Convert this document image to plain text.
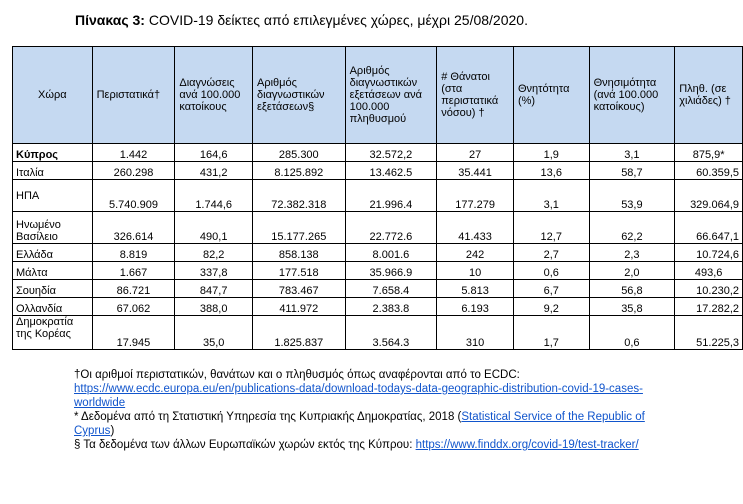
Πίνακας 3: COVID-19 δείκτες από επιλεγμένες χώρες, μέχρι 25/08/2020.
Χώρα	Περιστατικά†	Διαγνώσεις ανά 100.000 κατοίκους	Αριθμός διαγνωστικών εξετάσεων§	Αριθμός διαγνωστικών εξετάσεων ανά 100.000 πληθυσμού	# Θάνατοι (στα περιστατικά νόσου) †	Θνητότητα (%)	Θνησιμότητα (ανά 100.000 κατοίκους)	Πληθ. (σε χιλιάδες) †
Κύπρος	1.442	164,6	285.300	32.572,2	27	1,9	3,1	875,9*
Ιταλία	260.298	431,2	8.125.892	13.462.5	35.441	13,6	58,7	60.359,5
ΗΠΑ	5.740.909	1.744,6	72.382.318	21.996.4	177.279	3,1	53,9	329.064,9
Ηνωμένο Βασίλειο	326.614	490,1	15.177.265	22.772.6	41.433	12,7	62,2	66.647,1
Ελλάδα	8.819	82,2	858.138	8.001.6	242	2,7	2,3	10.724,6
Μάλτα	1.667	337,8	177.518	35.966.9	10	0,6	2,0	493,6
Σουηδία	86.721	847,7	783.467	7.658.4	5.813	6,7	56,8	10.230,2
Ολλανδία	67.062	388,0	411.972	2.383.8	6.193	9,2	35,8	17.282,2
Δημοκρατία της Κορέας	17.945	35,0	1.825.837	3.564.3	310	1,7	0,6	51.225,3

†Οι αριθμοί περιστατικών, θανάτων και ο πληθυσμός όπως αναφέρονται από το ECDC:
https://www.ecdc.europa.eu/en/publications-data/download-todays-data-geographic-distribution-covid-19-cases-worldwide

* Δεδομένα από τη Στατιστική Υπηρεσία της Κυπριακής Δημοκρατίας, 2018 (Statistical Service of the Republic of Cyprus)

§ Τα δεδομένα των άλλων Ευρωπαϊκών χωρών εκτός της Κύπρου: https://www.finddx.org/covid-19/test-tracker/
